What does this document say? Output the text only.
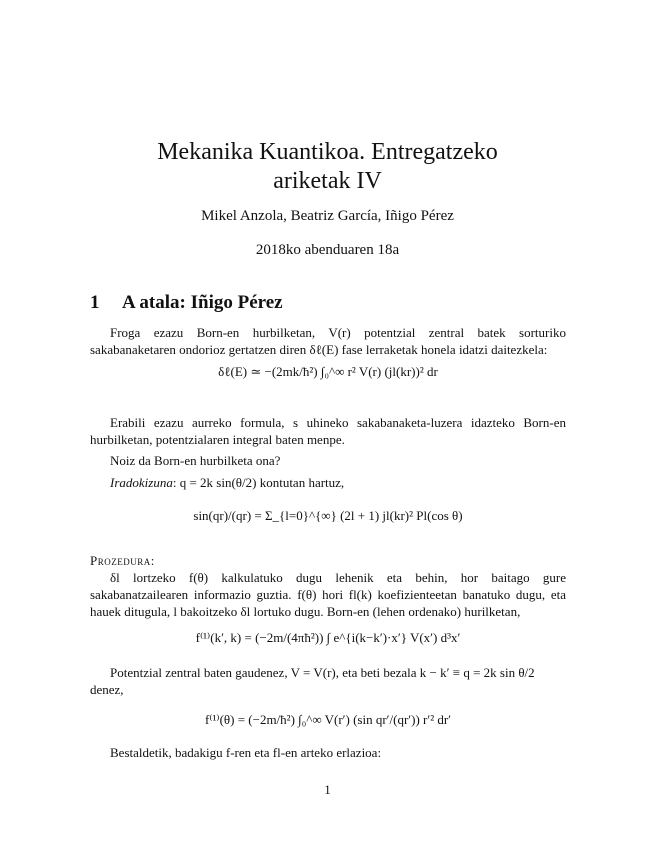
Mekanika Kuantikoa. Entregatzeko
ariketak IV
Mikel Anzola, Beatriz García, Iñigo Pérez
2018ko abenduaren 18a
1 A atala: Iñigo Pérez
Froga ezazu Born-en hurbilketan, V(r) potentzial zentral batek sorturiko sakabanaketaren ondorioz gertatzen diren δℓ(E) fase lerraketak honela idatzi daitezkela:
δℓ(E) ≃ −(2mk/ħ²) ∫₀^∞ r² V(r) (jl(kr))² dr
Erabili ezazu aurreko formula, s uhineko sakabanaketa-luzera idazteko Born-en hurbilketan, potentzialaren integral baten menpe.
Noiz da Born-en hurbilketa ona?
Iradokizuna: q = 2k sin(θ/2) kontutan hartuz,
sin(qr)/(qr) = Σ_{l=0}^{∞} (2l + 1) jl(kr)² Pl(cos θ)
Prozedura:
δl lortzeko f(θ) kalkulatuko dugu lehenik eta behin, hor baitago gure sakabanatzailearen informazio guztia. f(θ) hori fl(k) koefizienteetan banatuko dugu, eta hauek ditugula, l bakoitzeko δl lortuko dugu. Born-en (lehen ordenako) hurilketan,
f⁽¹⁾(k′, k) = (−2m/(4πħ²)) ∫ e^{i(k−k′)·x′} V(x′) d³x′
Potentzial zentral baten gaudenez, V = V(r), eta beti bezala k − k′ ≡ q = 2k sin θ/2
denez,
f⁽¹⁾(θ) = (−2m/ħ²) ∫₀^∞ V(r′) (sin qr′/(qr′)) r′² dr′
Bestaldetik, badakigu f-ren eta fl-en arteko erlazioa:
1
